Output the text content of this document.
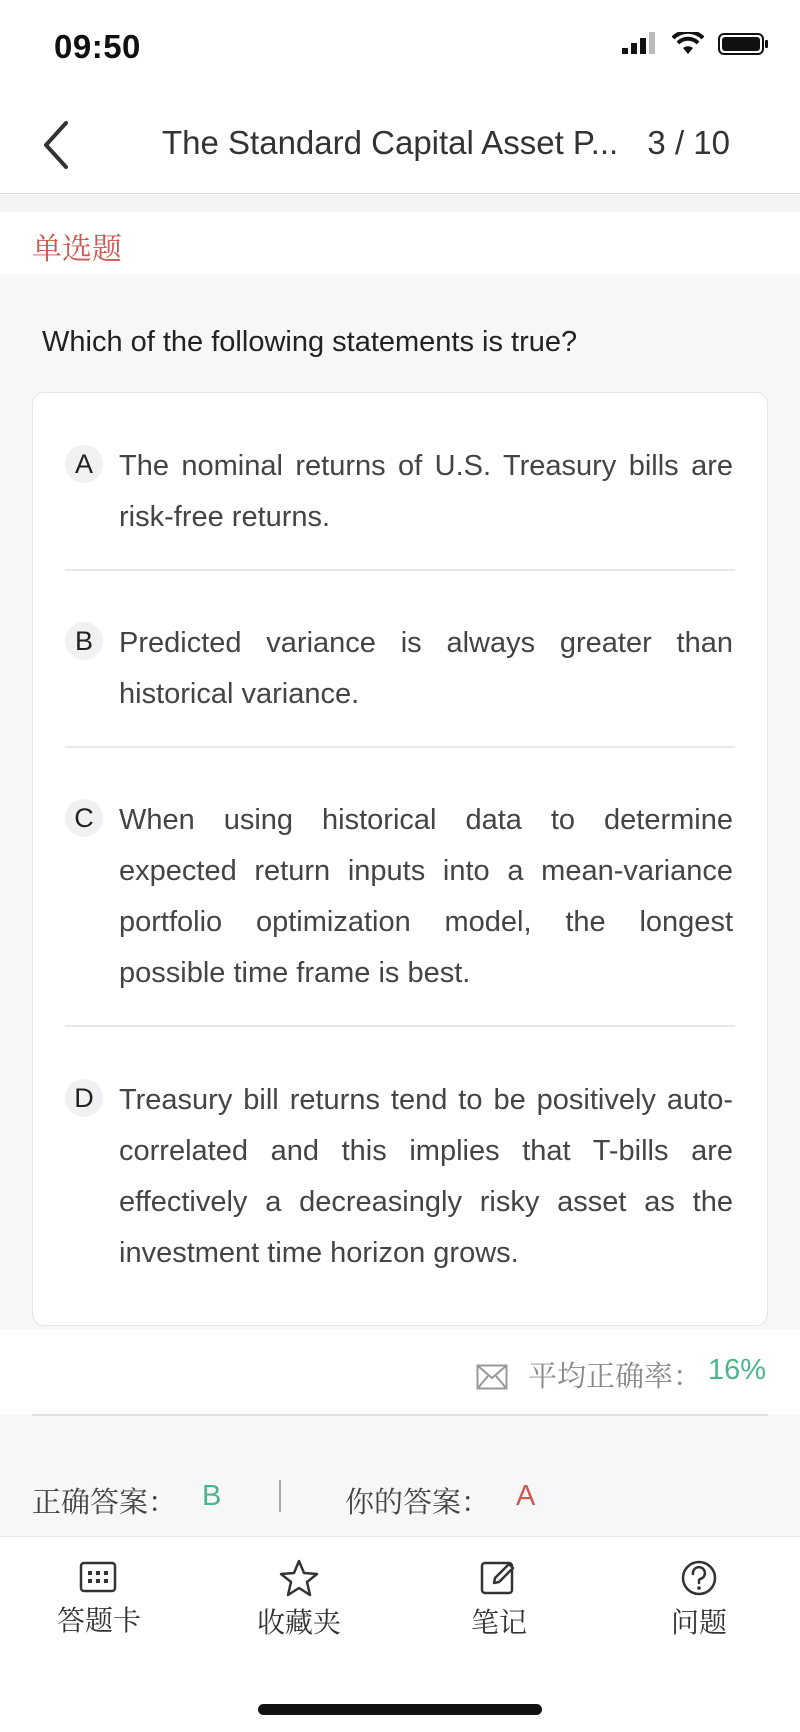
09:50
The Standard Capital Asset P... 3 / 10
单选题
Which of the following statements is true?
A The nominal returns of U.S. Treasury bills are risk-free returns.
B Predicted variance is always greater than historical variance.
C When using historical data to determine expected return inputs into a mean-variance portfolio optimization model, the longest possible time frame is best.
D Treasury bill returns tend to be positively auto-correlated and this implies that T-bills are effectively a decreasingly risky asset as the investment time horizon grows.
平均正确率： 16%
正确答案： B	你的答案： A
答题卡	收藏夹	笔记	问题
